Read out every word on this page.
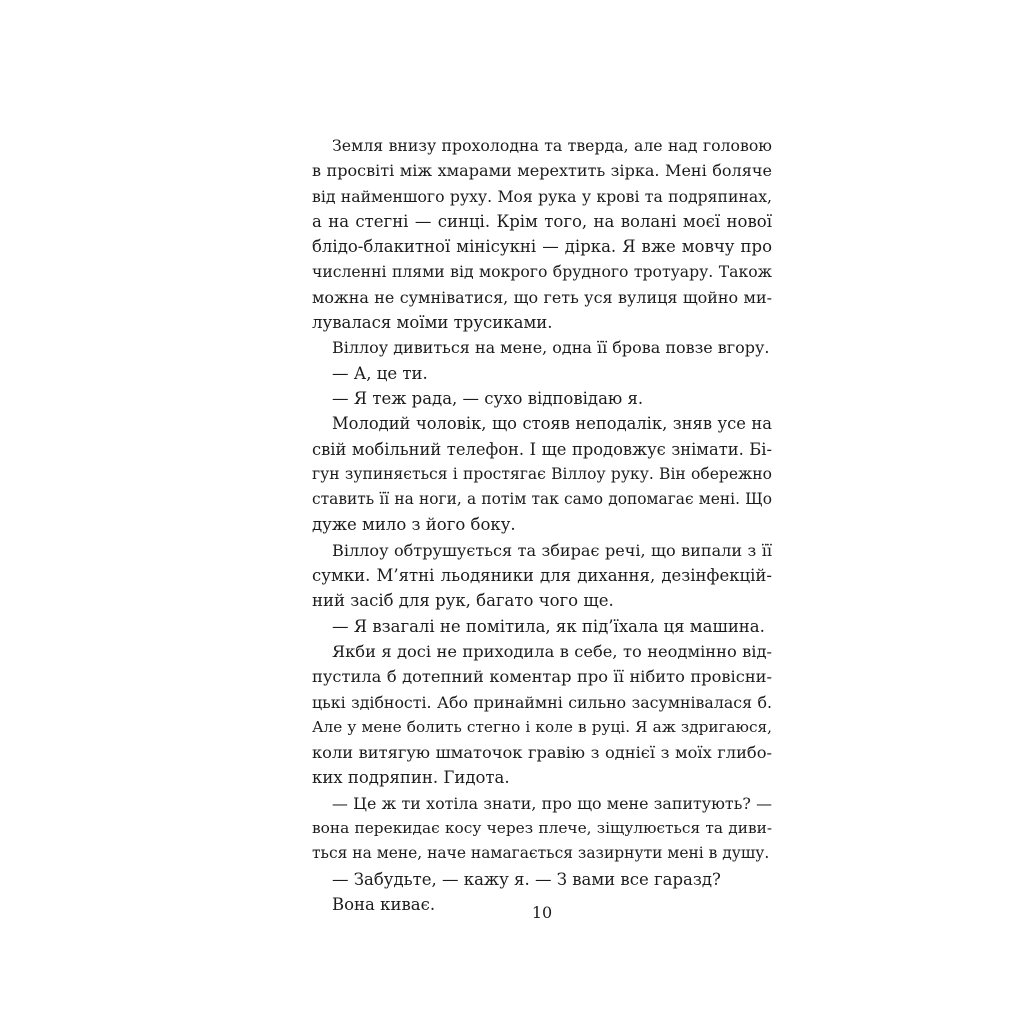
Земля внизу прохолодна та тверда, але над головою
в просвіті між хмарами мерехтить зірка. Мені боляче
від найменшого руху. Моя рука у крові та подряпинах,
а на стегні — синці. Крім того, на волані моєї нової
блідо-блакитної мінісукні — дірка. Я вже мовчу про
численні плями від мокрого брудного тротуару. Також
можна не сумніватися, що геть уся вулиця щойно ми-
лувалася моїми трусиками.
Віллоу дивиться на мене, одна її брова повзе вгору.
— А, це ти.
— Я теж рада, — сухо відповідаю я.
Молодий чоловік, що стояв неподалік, зняв усе на
свій мобільний телефон. І ще продовжує знімати. Бі-
гун зупиняється і простягає Віллоу руку. Він обережно
ставить її на ноги, а потім так само допомагає мені. Що
дуже мило з його боку.
Віллоу обтрушується та збирає речі, що випали з її
сумки. М’ятні льодяники для дихання, дезінфекцій-
ний засіб для рук, багато чого ще.
— Я взагалі не помітила, як під’їхала ця машина.
Якби я досі не приходила в себе, то неодмінно від-
пустила б дотепний коментар про її нібито провісни-
цькі здібності. Або принаймні сильно засумнівалася б.
Але у мене болить стегно і коле в руці. Я аж здригаюся,
коли витягую шматочок гравію з однієї з моїх глибо-
ких подряпин. Гидота.
— Це ж ти хотіла знати, про що мене запитують? —
вона перекидає косу через плече, зіщулюється та диви-
ться на мене, наче намагається зазирнути мені в душу.
— Забудьте, — кажу я. — З вами все гаразд?
Вона киває.	10
